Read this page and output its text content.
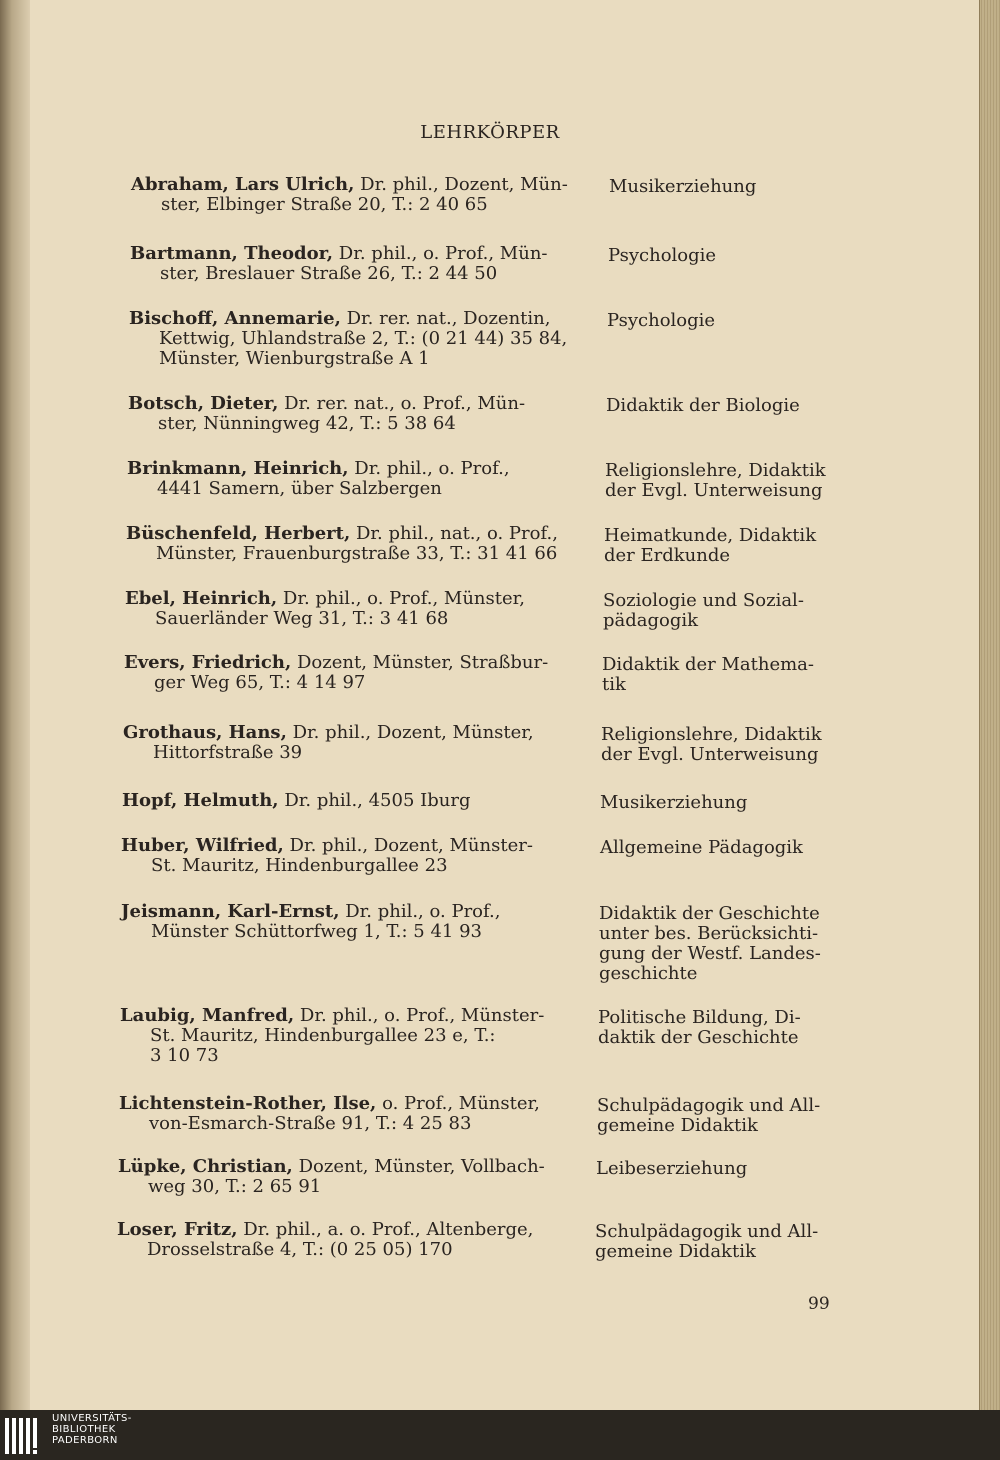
LEHRKÖRPER
Abraham, Lars Ulrich, Dr. phil., Dozent, Mün-
ster, Elbinger Straße 20, T.: 2 40 65
Musikerziehung
Bartmann, Theodor, Dr. phil., o. Prof., Mün-
ster, Breslauer Straße 26, T.: 2 44 50
Psychologie
Bischoff, Annemarie, Dr. rer. nat., Dozentin,
Kettwig, Uhlandstraße 2, T.: (0 21 44) 35 84,
Münster, Wienburgstraße A 1
Psychologie
Botsch, Dieter, Dr. rer. nat., o. Prof., Mün-
ster, Nünningweg 42, T.: 5 38 64
Didaktik der Biologie
Brinkmann, Heinrich, Dr. phil., o. Prof.,
4441 Samern, über Salzbergen
Religionslehre, Didaktik
der Evgl. Unterweisung
Büschenfeld, Herbert, Dr. phil., nat., o. Prof.,
Münster, Frauenburgstraße 33, T.: 31 41 66
Heimatkunde, Didaktik
der Erdkunde
Ebel, Heinrich, Dr. phil., o. Prof., Münster,
Sauerländer Weg 31, T.: 3 41 68
Soziologie und Sozial-
pädagogik
Evers, Friedrich, Dozent, Münster, Straßbur-
ger Weg 65, T.: 4 14 97
Didaktik der Mathema-
tik
Grothaus, Hans, Dr. phil., Dozent, Münster,
Hittorfstraße 39
Religionslehre, Didaktik
der Evgl. Unterweisung
Hopf, Helmuth, Dr. phil., 4505 Iburg	Musikerziehung
Huber, Wilfried, Dr. phil., Dozent, Münster-
St. Mauritz, Hindenburgallee 23
Allgemeine Pädagogik
Jeismann, Karl-Ernst, Dr. phil., o. Prof.,
Münster Schüttorfweg 1, T.: 5 41 93
Didaktik der Geschichte
unter bes. Berücksichti-
gung der Westf. Landes-
geschichte
Laubig, Manfred, Dr. phil., o. Prof., Münster-
St. Mauritz, Hindenburgallee 23 e, T.:
3 10 73
Politische Bildung, Di-
daktik der Geschichte
Lichtenstein-Rother, Ilse, o. Prof., Münster,
von-Esmarch-Straße 91, T.: 4 25 83
Schulpädagogik und All-
gemeine Didaktik
Lüpke, Christian, Dozent, Münster, Vollbach-
weg 30, T.: 2 65 91
Leibeserziehung
Loser, Fritz, Dr. phil., a. o. Prof., Altenberge,
Drosselstraße 4, T.: (0 25 05) 170
Schulpädagogik und All-
gemeine Didaktik
99
UNIVERSITÄTS-
BIBLIOTHEK
PADERBORN
